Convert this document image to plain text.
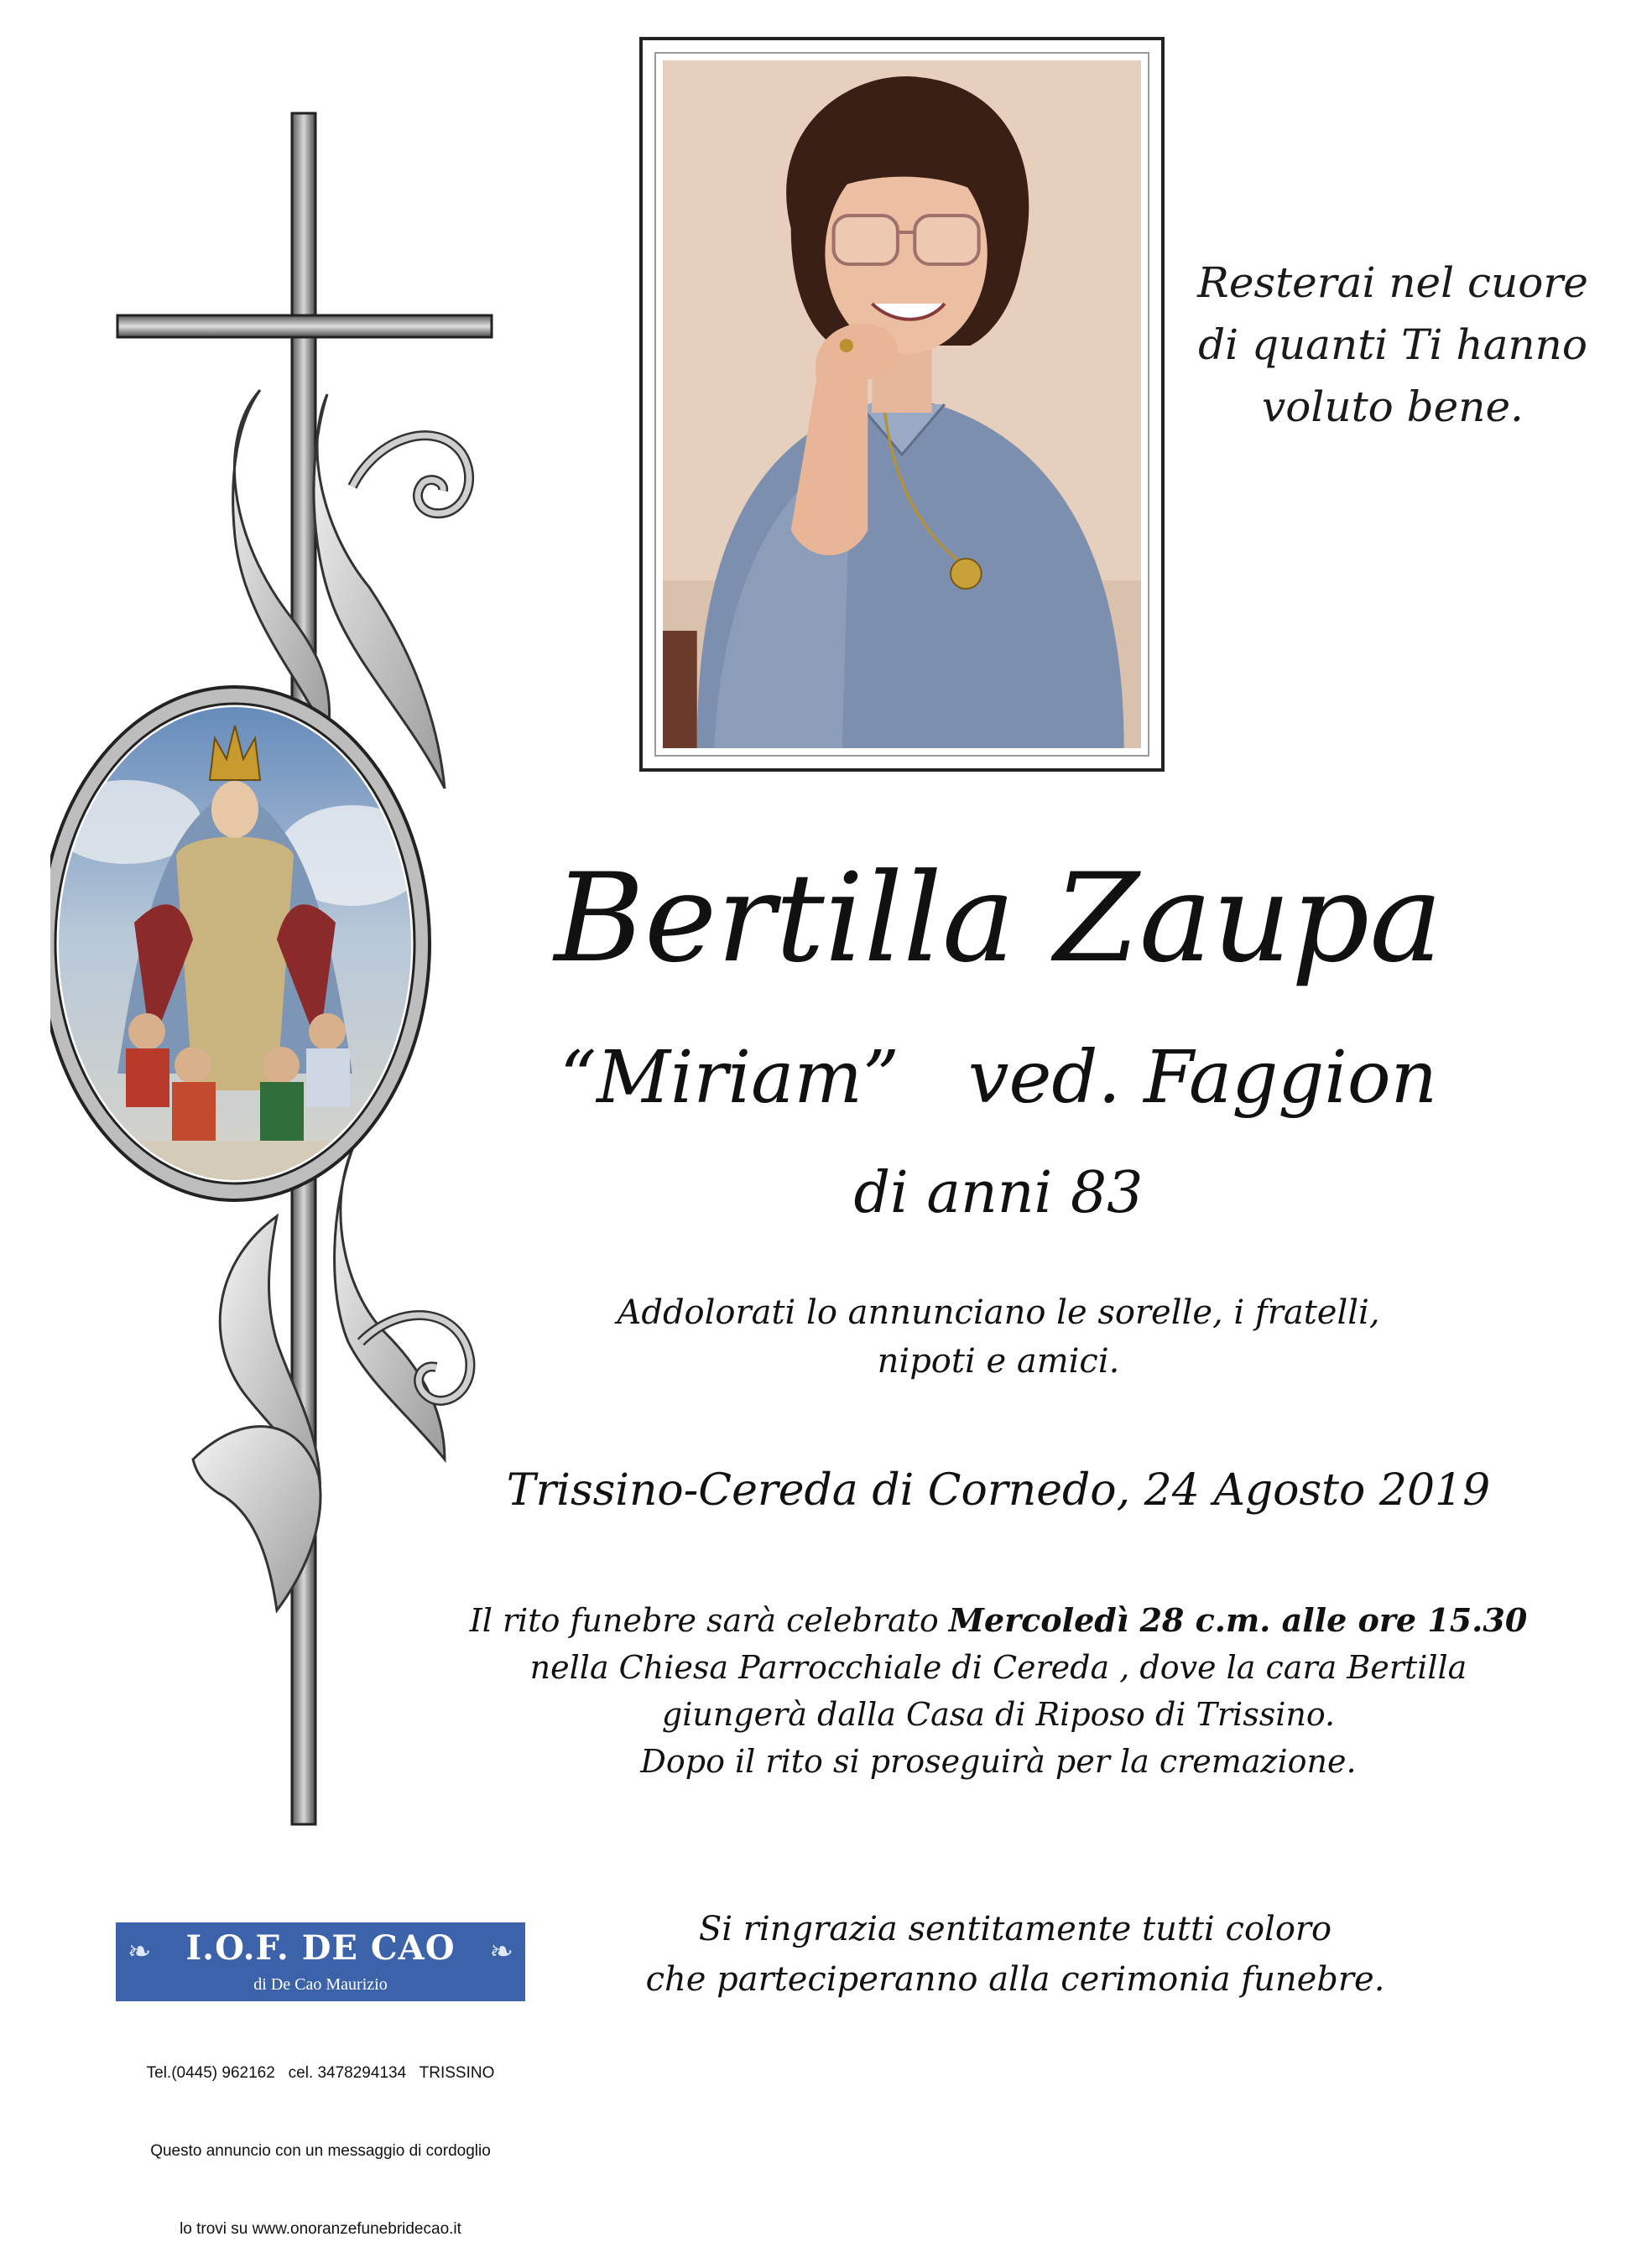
Resterai nel cuore
di quanti Ti hanno
voluto bene.
Bertilla Zaupa
“Miriam”   ved. Faggion
di anni 83
Addolorati lo annunciano le sorelle, i fratelli,
nipoti e amici.
Trissino-Cereda di Cornedo, 24 Agosto 2019
Il rito funebre sarà celebrato Mercoledì 28 c.m. alle ore 15.30
nella Chiesa Parrocchiale di Cereda , dove la cara Bertilla
giungerà dalla Casa di Riposo di Trissino.
Dopo il rito si proseguirà per la cremazione.
Si ringrazia sentitamente tutti coloro
che parteciperanno alla cerimonia funebre.
❧	I.O.F. DE CAO	❧
di De Cao Maurizio

Tel.(0445) 962162   cel. 3478294134   TRISSINO

Questo annuncio con un messaggio di cordoglio

lo trovi su www.onoranzefunebridecao.it
